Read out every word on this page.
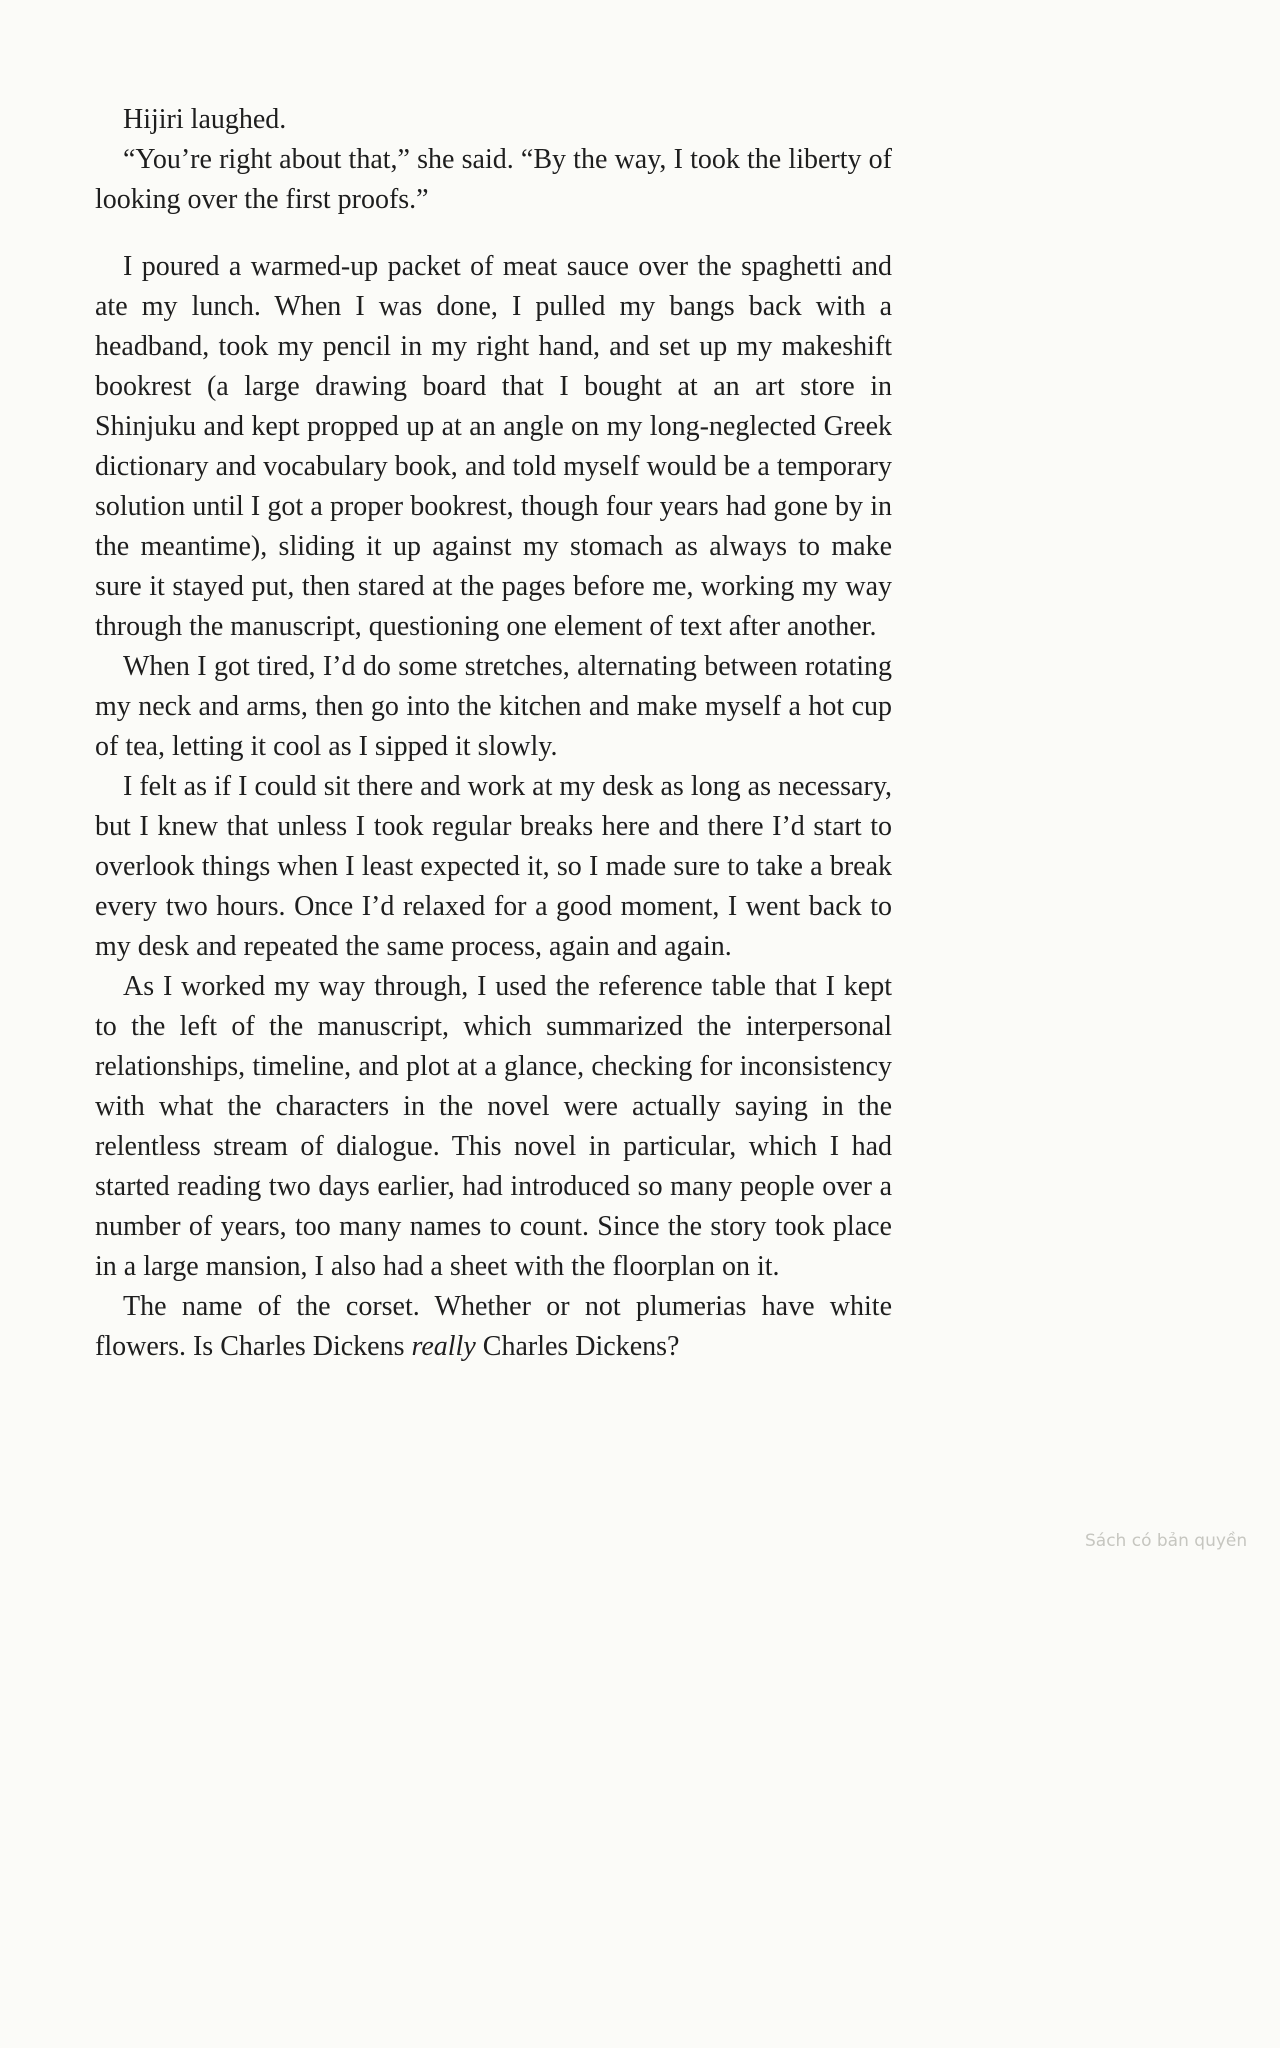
Hijiri laughed.

“You’re right about that,” she said. “By the way, I took the liberty of looking over the first proofs.”

I poured a warmed-up packet of meat sauce over the spaghetti and ate my lunch. When I was done, I pulled my bangs back with a headband, took my pencil in my right hand, and set up my makeshift bookrest (a large drawing board that I bought at an art store in Shinjuku and kept propped up at an angle on my long-neglected Greek dictionary and vocabulary book, and told myself would be a temporary solution until I got a proper bookrest, though four years had gone by in the meantime), sliding it up against my stomach as always to make sure it stayed put, then stared at the pages before me, working my way through the manuscript, questioning one element of text after another.

When I got tired, I’d do some stretches, alternating between rotating my neck and arms, then go into the kitchen and make myself a hot cup of tea, letting it cool as I sipped it slowly.

I felt as if I could sit there and work at my desk as long as necessary, but I knew that unless I took regular breaks here and there I’d start to overlook things when I least expected it, so I made sure to take a break every two hours. Once I’d relaxed for a good moment, I went back to my desk and repeated the same process, again and again.

As I worked my way through, I used the reference table that I kept to the left of the manuscript, which summarized the interpersonal relationships, timeline, and plot at a glance, checking for inconsistency with what the characters in the novel were actually saying in the relentless stream of dialogue. This novel in particular, which I had started reading two days earlier, had introduced so many people over a number of years, too many names to count. Since the story took place in a large mansion, I also had a sheet with the floorplan on it.

The name of the corset. Whether or not plumerias have white flowers. Is Charles Dickens really Charles Dickens?

Sách có bản quyền
